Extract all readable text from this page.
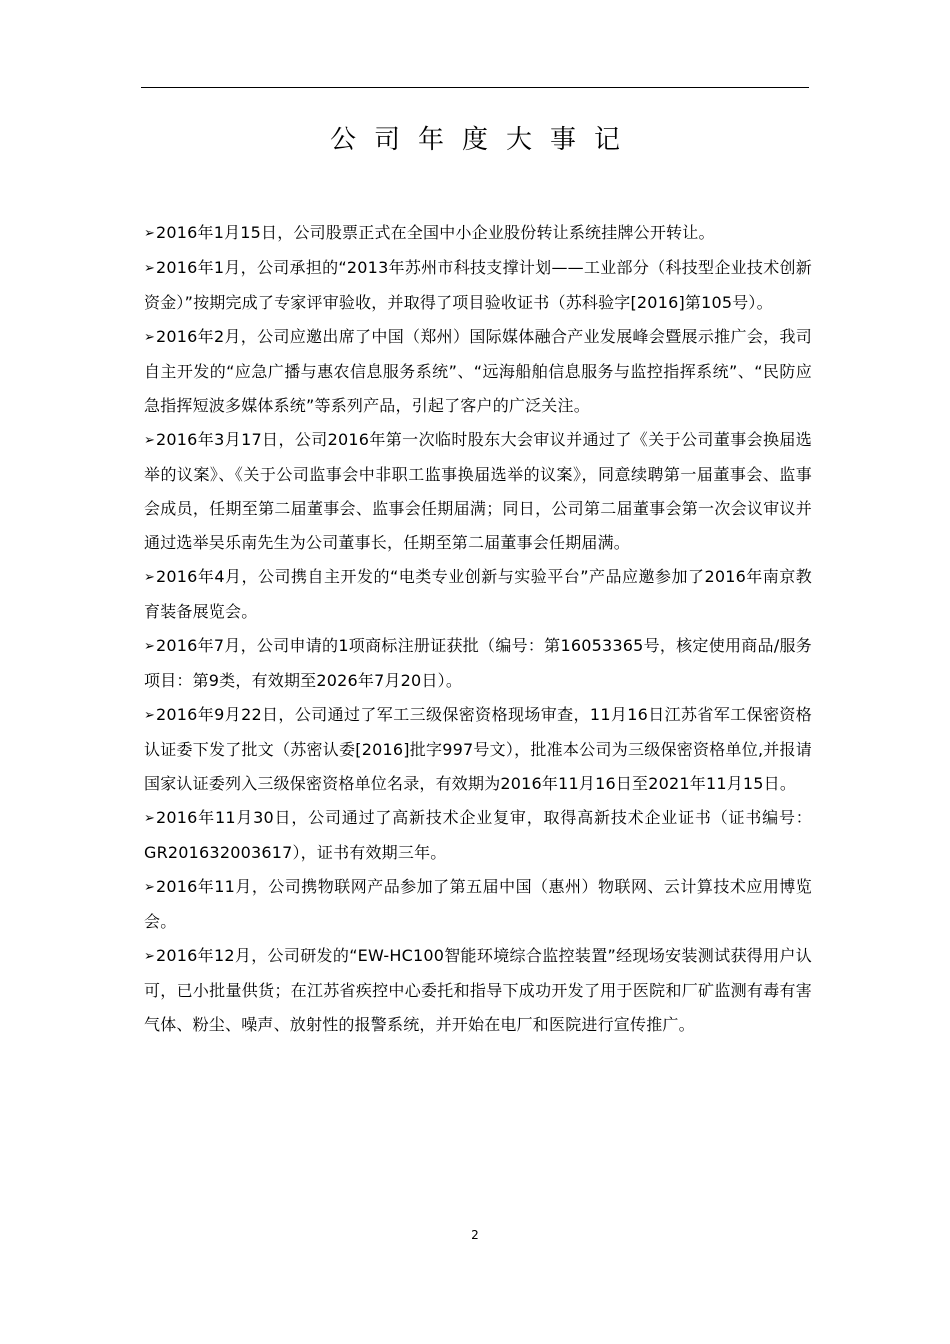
公司年度大事记
➢2016年1月15日，公司股票正式在全国中小企业股份转让系统挂牌公开转让。
➢2016年1月，公司承担的“2013年苏州市科技支撑计划——工业部分（科技型企业技术创新资金）”按期完成了专家评审验收，并取得了项目验收证书（苏科验字[2016]第105号）。
➢2016年2月，公司应邀出席了中国（郑州）国际媒体融合产业发展峰会暨展示推广会，我司自主开发的“应急广播与惠农信息服务系统”、“远海船舶信息服务与监控指挥系统”、“民防应急指挥短波多媒体系统”等系列产品，引起了客户的广泛关注。
➢2016年3月17日，公司2016年第一次临时股东大会审议并通过了《关于公司董事会换届选举的议案》、《关于公司监事会中非职工监事换届选举的议案》，同意续聘第一届董事会、监事会成员，任期至第二届董事会、监事会任期届满；同日，公司第二届董事会第一次会议审议并通过选举吴乐南先生为公司董事长，任期至第二届董事会任期届满。
➢2016年4月，公司携自主开发的“电类专业创新与实验平台”产品应邀参加了2016年南京教育装备展览会。
➢2016年7月，公司申请的1项商标注册证获批（编号：第16053365号，核定使用商品/服务项目：第9类，有效期至2026年7月20日）。
➢2016年9月22日，公司通过了军工三级保密资格现场审查，11月16日江苏省军工保密资格认证委下发了批文（苏密认委[2016]批字997号文），批准本公司为三级保密资格单位,并报请国家认证委列入三级保密资格单位名录，有效期为2016年11月16日至2021年11月15日。
➢2016年11月30日，公司通过了高新技术企业复审，取得高新技术企业证书（证书编号：GR201632003617），证书有效期三年。
➢2016年11月，公司携物联网产品参加了第五届中国（惠州）物联网、云计算技术应用博览会。
➢2016年12月，公司研发的“EW-HC100智能环境综合监控装置”经现场安装测试获得用户认可，已小批量供货；在江苏省疾控中心委托和指导下成功开发了用于医院和厂矿监测有毒有害气体、粉尘、噪声、放射性的报警系统，并开始在电厂和医院进行宣传推广。
2
